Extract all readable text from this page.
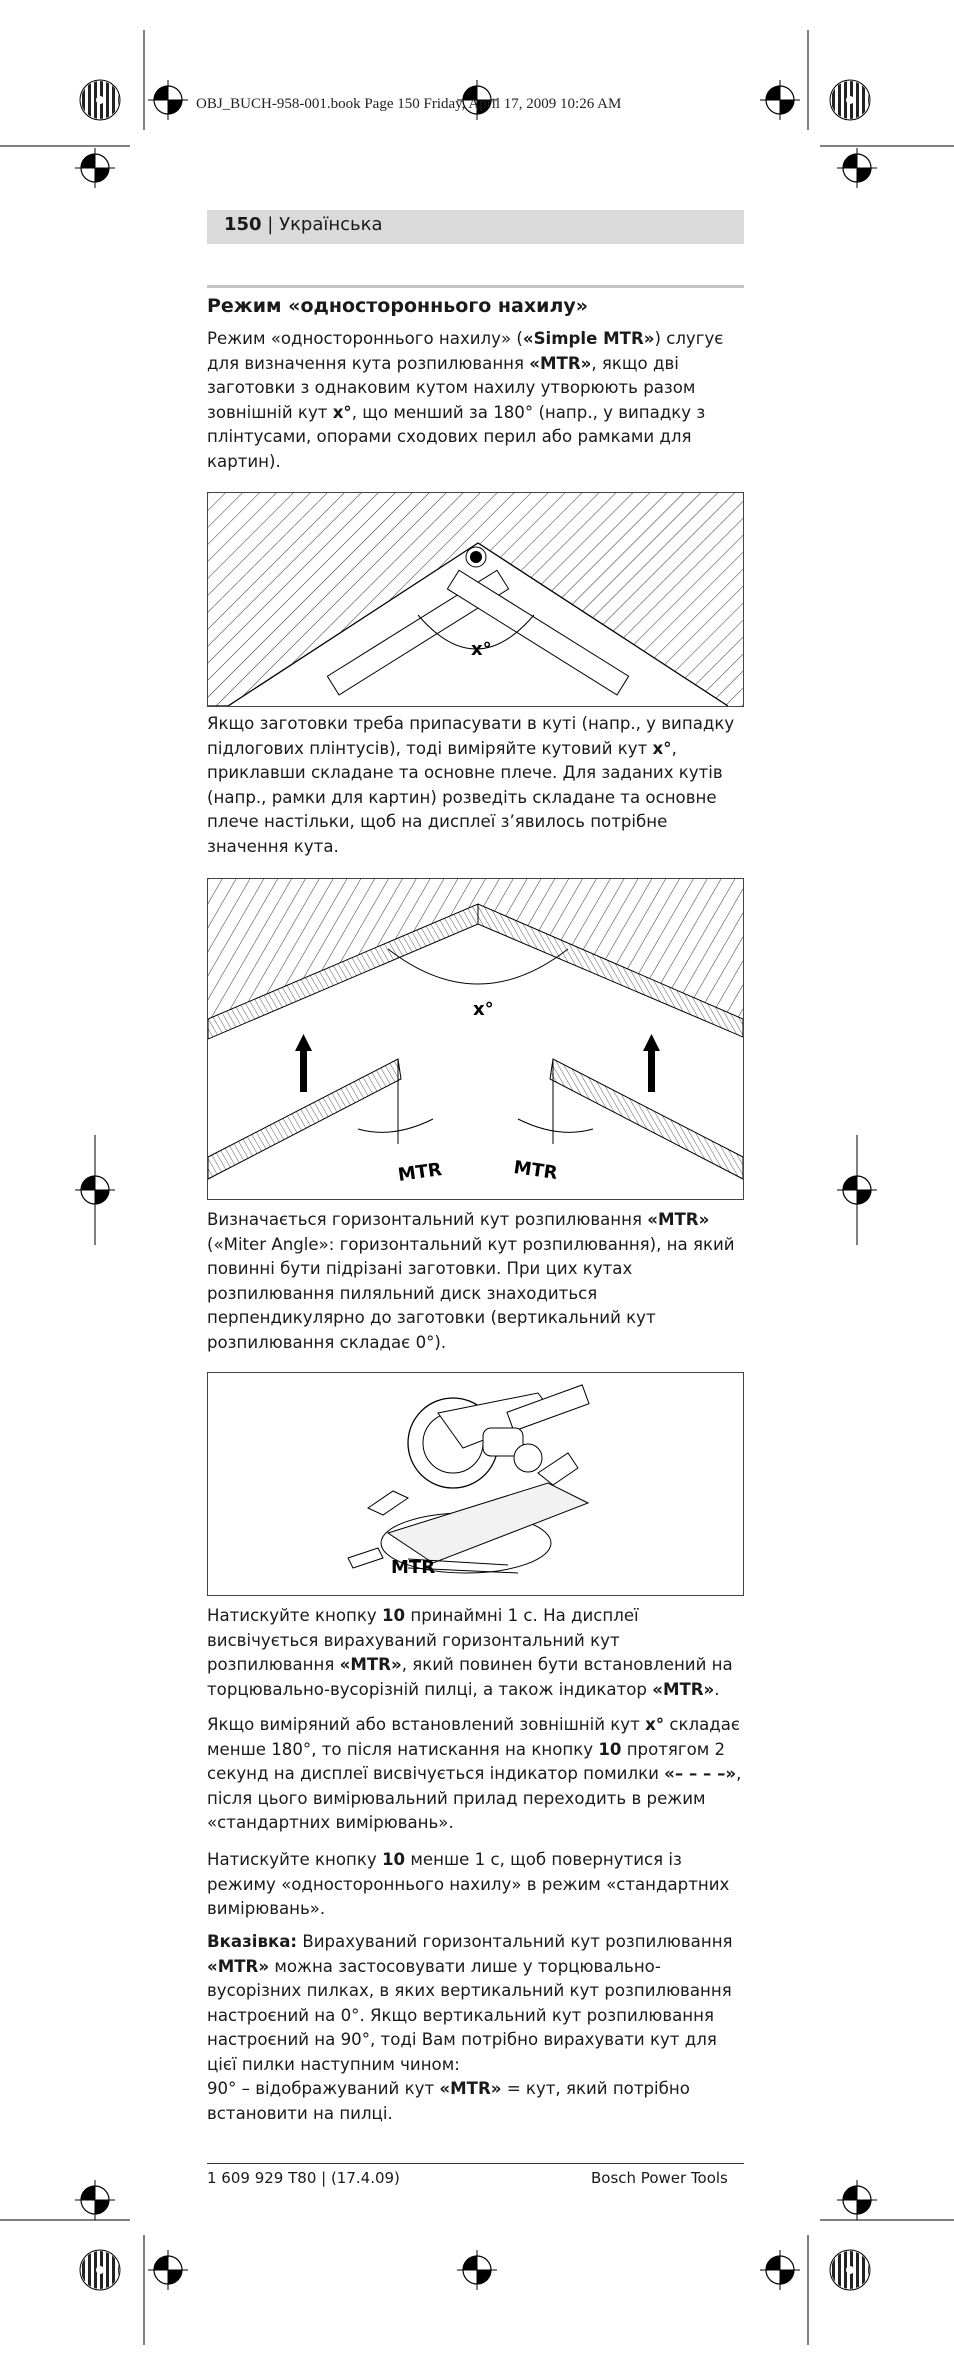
OBJ_BUCH-958-001.book Page 150 Friday, April 17, 2009 10:26 AM
150 | Українська
Режим «одностороннього нахилу»
Режим «одностороннього нахилу» («Simple MTR») слугує для визначення кута розпилювання «MTR», якщо дві заготовки з однаковим кутом нахилу утворюють разом зовнішній кут x°, що менший за 180° (напр., у випадку з плінтусами, опорами сходових перил або рамками для картин).
x°
Якщо заготовки треба припасувати в куті (напр., у випадку підлогових плінтусів), тоді виміряйте кутовий кут x°, приклавши складане та основне плече. Для заданих кутів (напр., рамки для картин) розведіть складане та основне плече настільки, щоб на дисплеї з’явилось потрібне значення кута.
x°
MTR	MTR
Визначається горизонтальний кут розпилювання «MTR» («Miter Angle»: горизонтальний кут розпилювання), на який повинні бути підрізані заготовки. При цих кутах розпилювання пиляльний диск знаходиться перпендикулярно до заготовки (вертикальний кут розпилювання складає 0°).
MTR
Натискуйте кнопку 10 принаймні 1 с. На дисплеї висвічується вирахуваний горизонтальний кут розпилювання «MTR», який повинен бути встановлений на торцювально-вусорізній пилці, а також індикатор «MTR».
Якщо виміряний або встановлений зовнішній кут x° складає менше 180°, то після натискання на кнопку 10 протягом 2 секунд на дисплеї висвічується індикатор помилки «– – – –», після цього вимірювальний прилад переходить в режим «стандартних вимірювань».
Натискуйте кнопку 10 менше 1 с, щоб повернутися із режиму «одностороннього нахилу» в режим «стандартних вимірювань».
Вказівка: Вирахуваний горизонтальний кут розпилювання «MTR» можна застосовувати лише у торцювально-вусорізних пилках, в яких вертикальний кут розпилювання настроєний на 0°. Якщо вертикальний кут розпилювання настроєний на 90°, тоді Вам потрібно вирахувати кут для цієї пилки наступним чином:
90° – відображуваний кут «MTR» = кут, який потрібно встановити на пилці.
1 609 929 T80 | (17.4.09)	Bosch Power Tools
